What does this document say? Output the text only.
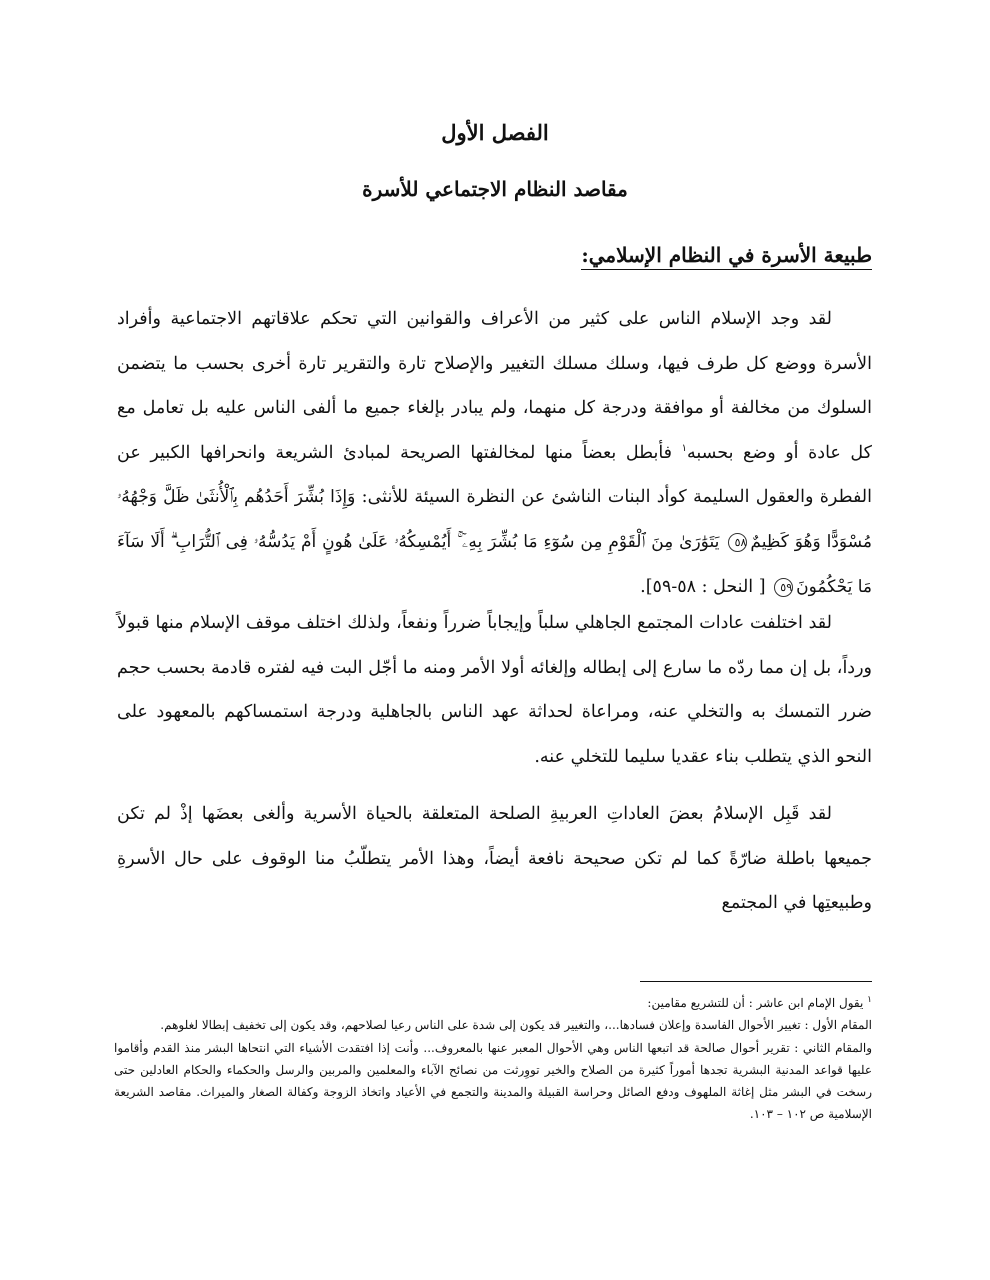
الفصل الأول
مقاصد النظام الاجتماعي للأسرة
طبيعة الأسرة في النظام الإسلامي:

لقد وجد الإسلام الناس على كثير من الأعراف والقوانين التي تحكم علاقاتهم الاجتماعية وأفراد الأسرة ووضع كل طرف فيها، وسلك مسلك التغيير والإصلاح تارة والتقرير تارة أخرى بحسب ما يتضمن السلوك من مخالفة أو موافقة ودرجة كل منهما، ولم يبادر بإلغاء جميع ما ألفى الناس عليه بل تعامل مع كل عادة أو وضع بحسبه$^١$ فأبطل بعضاً منها لمخالفتها الصريحة لمبادئ الشريعة وانحرافها الكبير عن الفطرة والعقول السليمة كوأد البنات الناشئ عن النظرة السيئة للأنثى: وَإِذَا بُشِّرَ أَحَدُهُم بِٱلْأُنثَىٰ ظَلَّ وَجْهُهُۥ مُسْوَدًّا وَهُوَ كَظِيمٌ٥٨ يَتَوَٰرَىٰ مِنَ ٱلْقَوْمِ مِن سُوٓءِ مَا بُشِّرَ بِهِۦٓ ۚ أَيُمْسِكُهُۥ عَلَىٰ هُونٍ أَمْ يَدُسُّهُۥ فِى ٱلتُّرَابِ ۗ أَلَا سَآءَ مَا يَحْكُمُونَ٥٩ [ النحل : ٥٨-٥٩].

لقد اختلفت عادات المجتمع الجاهلي سلباً وإيجاباً ضرراً ونفعاً، ولذلك اختلف موقف الإسلام منها قبولاً ورداً، بل إن مما ردّه ما سارع إلى إبطاله وإلغائه أولا الأمر ومنه ما أجّل البت فيه لفتره قادمة بحسب حجم ضرر التمسك به والتخلي عنه، ومراعاة لحداثة عهد الناس بالجاهلية ودرجة استمساكهم بالمعهود على النحو الذي يتطلب بناء عقديا سليما للتخلي عنه.

لقد قَبِل الإسلامُ بعضَ العاداتِ العربيةِ الصلحة المتعلقة بالحياة الأسرية وألغى بعضَها إذْ لم تكن جميعها باطلة ضارّةً كما لم تكن صحيحة نافعة أيضاً، وهذا الأمر يتطلّبُ منا الوقوف على حال الأسرةِ وطبيعتِها في المجتمع

$^١$ يقول الإمام ابن عاشر : أن للتشريع مقامين:

المقام الأول : تغيير الأحوال الفاسدة وإعلان فسادها...، والتغيير قد يكون إلى شدة على الناس رعيا لصلاحهم، وقد يكون إلى تخفيف إبطالا لغلوهم.

والمقام الثاني : تقرير أحوال صالحة قد اتبعها الناس وهي الأحوال المعبر عنها بالمعروف... وأنت إذا افتقدت الأشياء التي انتحاها البشر منذ القدم وأقاموا عليها قواعد المدنية البشرية تجدها أموراً كثيرة من الصلاح والخير تووِرثت من نصائح الآباء والمعلمين والمربين والرسل والحكماء والحكام العادلين حتى رسخت في البشر مثل إغاثة الملهوف ودفع الصائل وحراسة القبيلة والمدينة والتجمع في الأعياد واتخاذ الزوجة وكفالة الصغار والميراث. مقاصد الشريعة الإسلامية ص ١٠٢ – ١٠٣.
